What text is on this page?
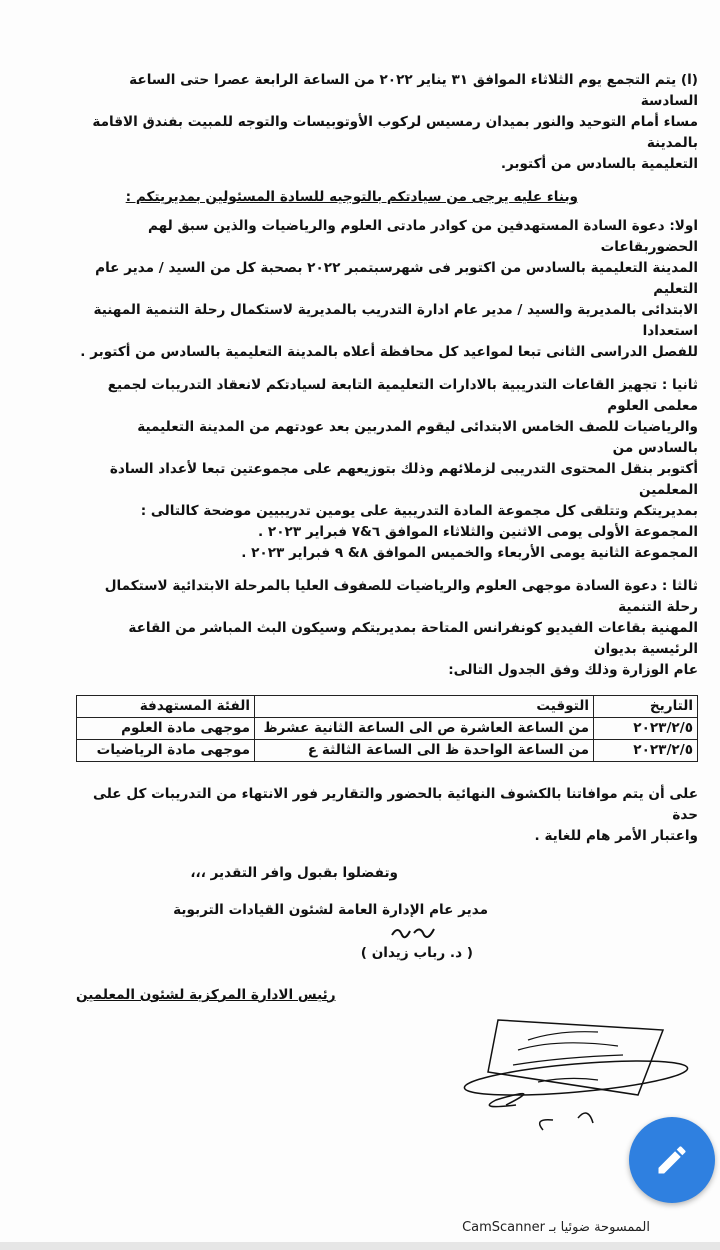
(ا) يتم التجمع يوم الثلاثاء الموافق ٣١ يناير ٢٠٢٢ من الساعة الرابعة عصرا حتى الساعة السادسة
مساء أمام التوحيد والنور بميدان رمسيس لركوب الأوتوبيسات والتوجه للمبيت بفندق الاقامة بالمدينة
التعليمية بالسادس من أكتوبر.
وبناء عليه يرجى من سيادتكم بالتوجيه للسادة المسئولين بمديريتكم :
اولا: دعوة السادة المستهدفين من كوادر مادتى العلوم والرياضيات والذين سبق لهم الحضوربقاعات
المدينة التعليمية بالسادس من اكتوبر فى شهرسبتمبر ٢٠٢٢ بصحبة كل من السيد / مدير عام التعليم
الابتدائى بالمديرية والسيد / مدير عام ادارة التدريب بالمديرية لاستكمال رحلة التنمية المهنية استعدادا
للفصل الدراسى الثانى تبعا لمواعيد كل محافظة أعلاه بالمدينة التعليمية بالسادس من أكتوبر .
ثانيا : تجهيز القاعات التدريبية بالادارات التعليمية التابعة لسيادتكم لانعقاد التدريبات لجميع معلمى العلوم
والرياضيات للصف الخامس الابتدائى ليقوم المدربين بعد عودتهم من المدينة التعليمية بالسادس من
أكتوبر بنقل المحتوى التدريبى لزملائهم وذلك بتوزيعهم على مجموعتين تبعا لأعداد السادة المعلمين
بمديريتكم وتتلقى كل مجموعة المادة التدريبية على يومين تدريبيين موضحة كالتالى :
المجموعة الأولى يومى الاثنين والثلاثاء الموافق ٦&٧ فبراير ٢٠٢٣ .
المجموعة الثانية يومى الأربعاء والخميس الموافق ٨& ٩ فبراير ٢٠٢٣ .
ثالثا : دعوة السادة موجهى العلوم والرياضيات للصفوف العليا بالمرحلة الابتدائية لاستكمال رحلة التنمية
المهنية بقاعات الفيديو كونفرانس المتاحة بمديريتكم وسيكون البث المباشر من القاعة الرئيسية بديوان
عام الوزارة وذلك وفق الجدول التالى:
التاريخ	التوقيت	الفئة المستهدفة
٢٠٢٣/٢/٥	من الساعة العاشرة ص الى الساعة الثانية عشرظ	موجهى مادة العلوم
٢٠٢٣/٢/٥	من الساعة الواحدة ظ الى الساعة الثالثة ع	موجهى مادة الرياضيات
على أن يتم موافاتنا بالكشوف النهائية بالحضور والتقارير فور الانتهاء من التدريبات كل على حدة
واعتبار الأمر هام للغاية .
وتفضلوا بقبول وافر التقدير ،،،
مدير عام الإدارة العامة لشئون القيادات التربوية
( د. رباب زيدان )
رئيس الادارة المركزية لشئون المعلمين
الممسوحة ضوئيا بـ CamScanner
